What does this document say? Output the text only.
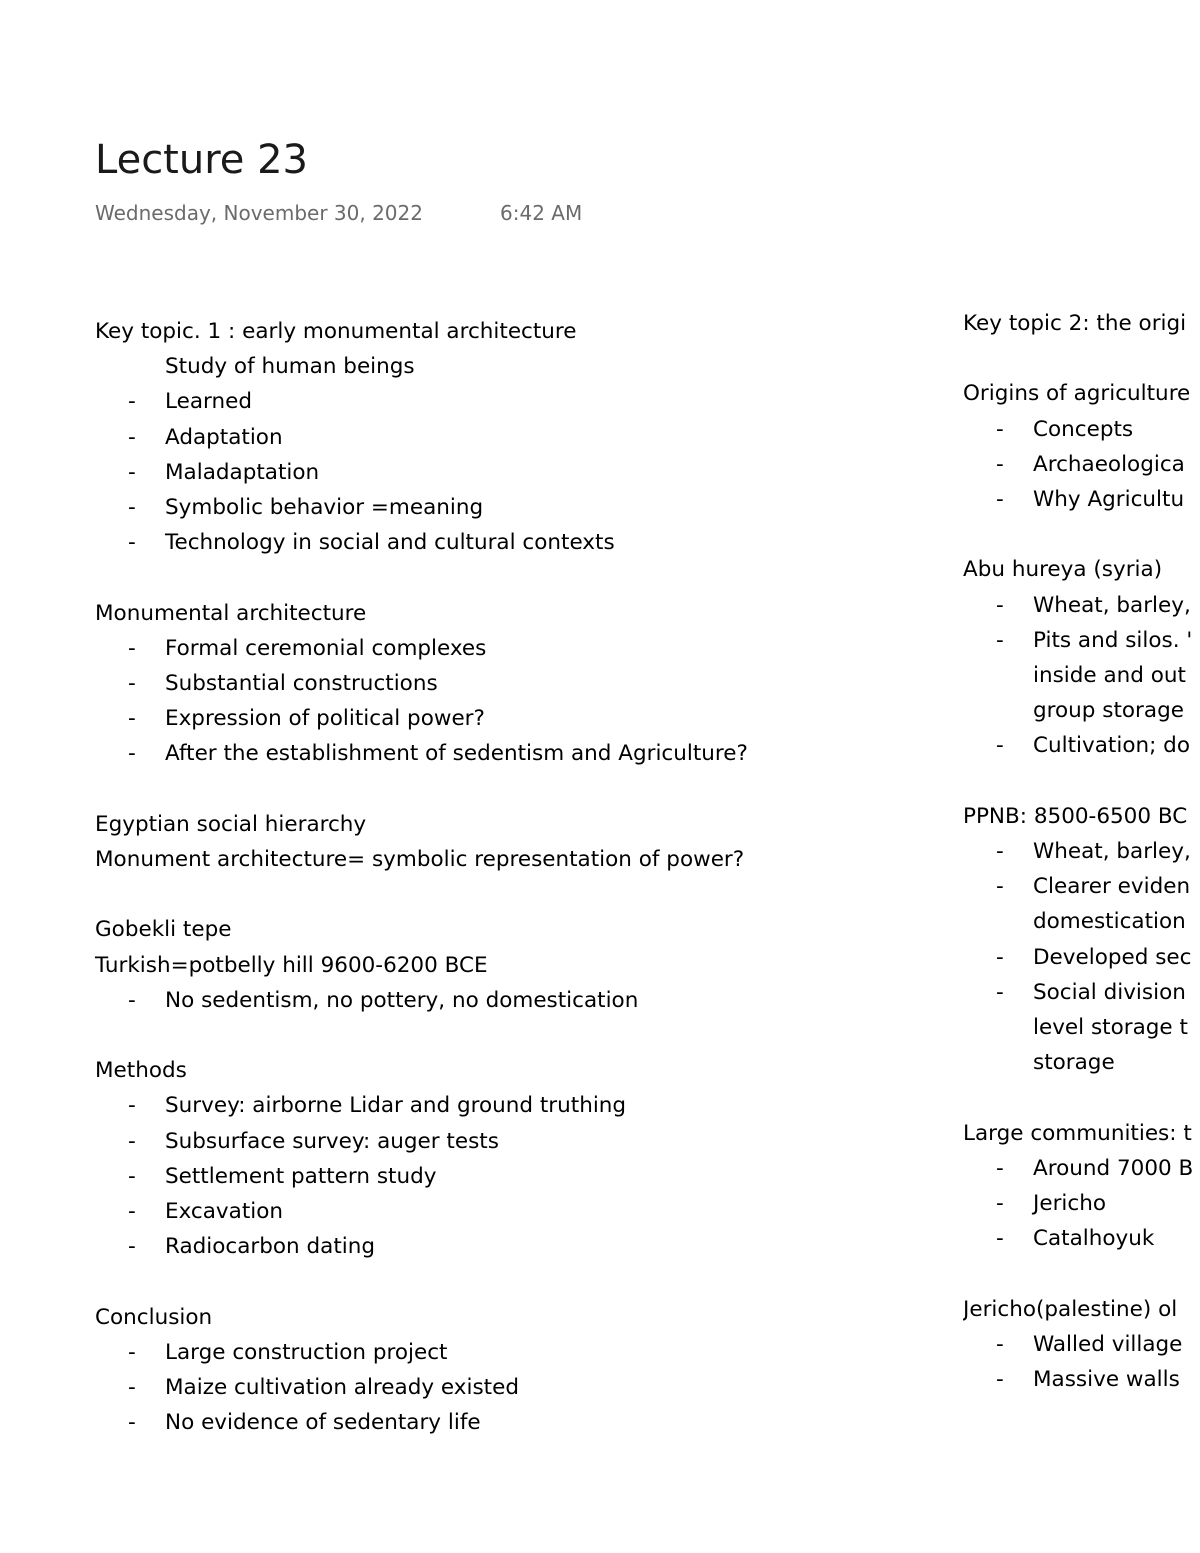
Lecture 23
Wednesday, November 30, 2022	6:42 AM
Key topic. 1 : early monumental architecture
Study of human beings
- Learned
- Adaptation
- Maladaptation
- Symbolic behavior =meaning
- Technology in social and cultural contexts
Monumental architecture
- Formal ceremonial complexes
- Substantial constructions
- Expression of political power?
- After the establishment of sedentism and Agriculture?
Egyptian social hierarchy
Monument architecture= symbolic representation of power?
Gobekli tepe
Turkish=potbelly hill 9600-6200 BCE
- No sedentism, no pottery, no domestication
Methods
- Survey: airborne Lidar and ground truthing
- Subsurface survey: auger tests
- Settlement pattern study
- Excavation
- Radiocarbon dating
Conclusion
- Large construction project
- Maize cultivation already existed
- No evidence of sedentary life
Key topic 2: the origi
Origins of agriculture
- Concepts
- Archaeologica
- Why Agricultu
Abu hureya (syria)
- Wheat, barley,
- Pits and silos. '
inside and out
group storage
- Cultivation; do
PPNB: 8500-6500 BC
- Wheat, barley,
- Clearer eviden
domestication
- Developed sec
- Social division
level storage t
storage
Large communities: t
- Around 7000 B
- Jericho
- Catalhoyuk
Jericho(palestine) ol
- Walled village
- Massive walls
